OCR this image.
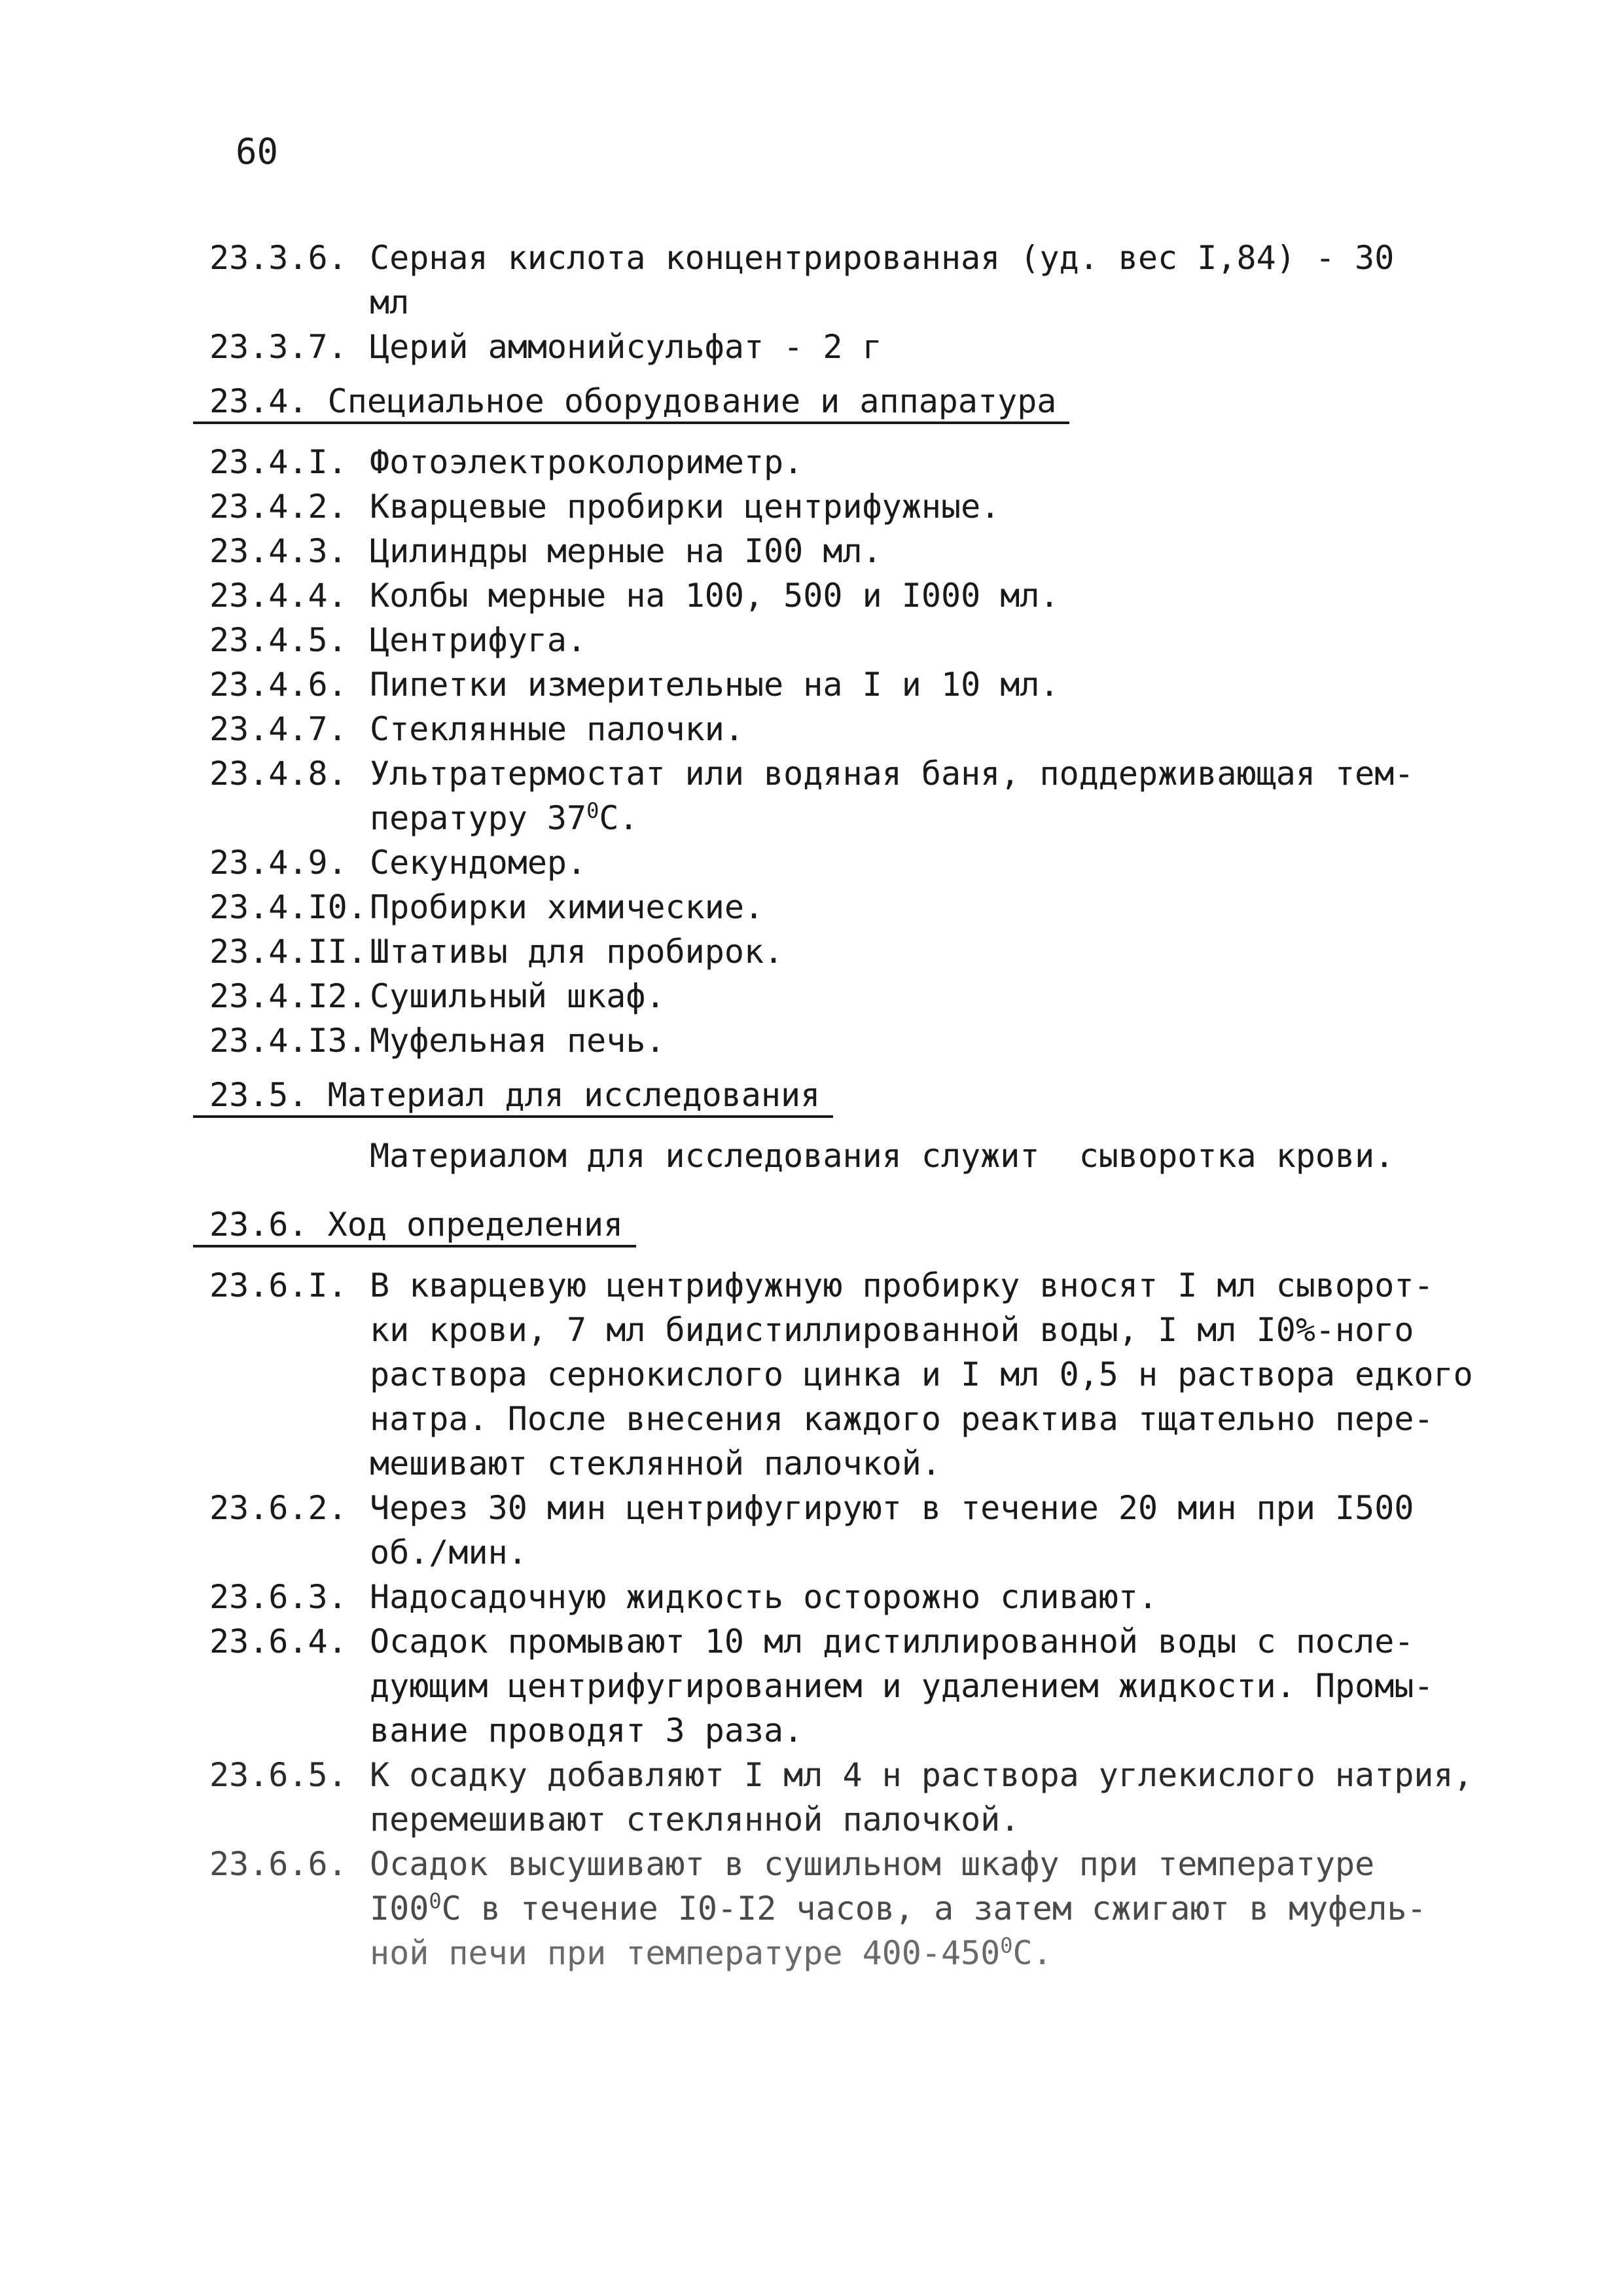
60
23.3.6. Серная кислота концентрированная (уд. вес I,84) - 30 мл
23.3.7. Церий аммонийсульфат - 2 г
23.4. Специальное оборудование и аппаратура
23.4.I. Фотоэлектроколориметр.
23.4.2. Кварцевые пробирки центрифужные.
23.4.3. Цилиндры мерные на I00 мл.
23.4.4. Колбы мерные на 100, 500 и I000 мл.
23.4.5. Центрифуга.
23.4.6. Пипетки измерительные на I и 10 мл.
23.4.7. Стеклянные палочки.
23.4.8. Ультратермостат или водяная баня, поддерживающая тем-
пературу $37^0С$.
23.4.9. Секундомер.
23.4.I0. Пробирки химические.
23.4.II. Штативы для пробирок.
23.4.I2. Сушильный шкаф.
23.4.I3. Муфельная печь.
23.5. Материал для исследования
Материалом для исследования служит  сыворотка крови.
23.6. Ход определения
23.6.I. В кварцевую центрифужную пробирку вносят I мл сыворот-
ки крови, 7 мл бидистиллированной воды, I мл I0%-ного
раствора сернокислого цинка и I мл 0,5 н раствора едкого
натра. После внесения каждого реактива тщательно пере-
мешивают стеклянной палочкой.
23.6.2. Через 30 мин центрифугируют в течение 20 мин при I500
об./мин.
23.6.3. Надосадочную жидкость осторожно сливают.
23.6.4. Осадок промывают 10 мл дистиллированной воды с после-
дующим центрифугированием и удалением жидкости. Промы-
вание проводят 3 раза.
23.6.5. К осадку добавляют I мл 4 н раствора углекислого натрия,
перемешивают стеклянной палочкой.
23.6.6. Осадок высушивают в сушильном шкафу при температуре
$I00^0С$ в течение I0-I2 часов, а затем сжигают в муфель-
ной печи при температуре $400-450^0С$.
